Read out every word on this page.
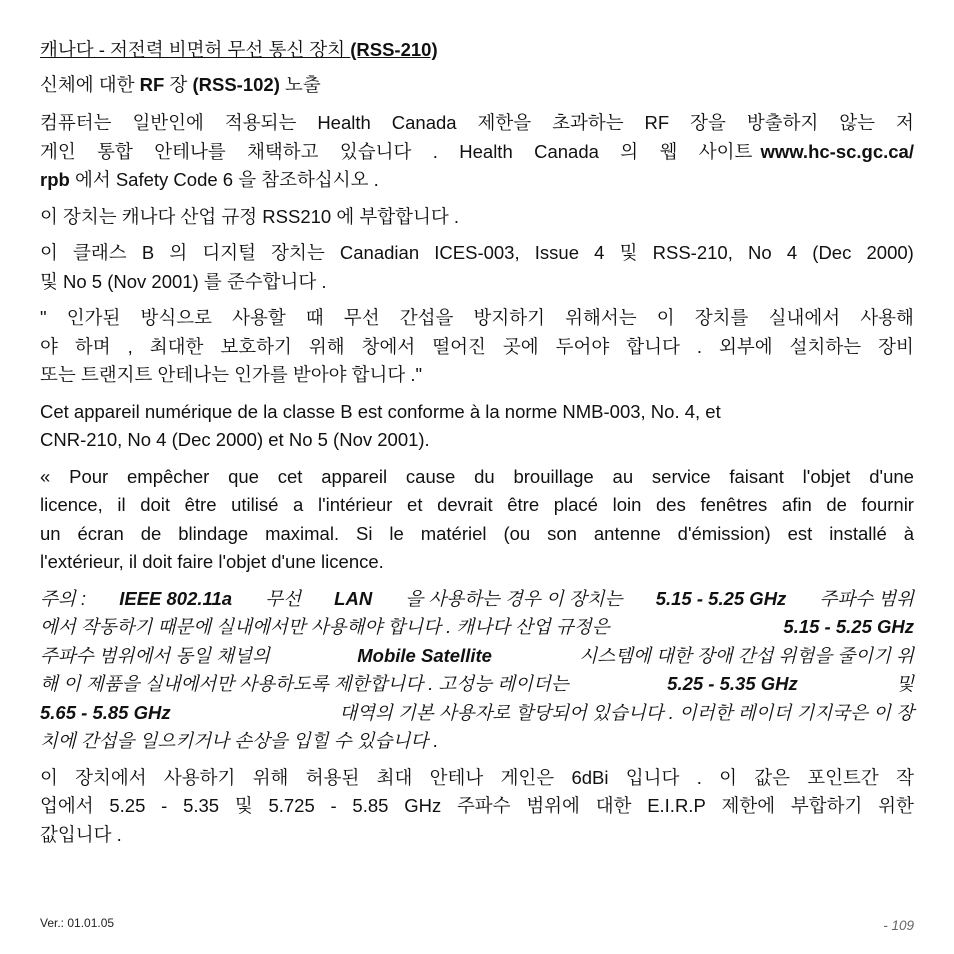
캐나다 - 저전력 비면허 무선 통신 장치 (RSS-210)
신체에 대한 RF 장 (RSS-102) 노출
컴퓨터는 일반인에 적용되는 Health Canada 제한을 초과하는 RF 장을 방출하지 않는 저
게인 통합 안테나를 채택하고 있습니다 . Health Canada 의 웹 사이트 www.hc-sc.gc.ca/
rpb 에서 Safety Code 6 을 참조하십시오 .
이 장치는 캐나다 산업 규정 RSS210 에 부합합니다 .
이 클래스 B 의 디지털 장치는 Canadian ICES-003, Issue 4 및 RSS-210, No 4 (Dec 2000)
및 No 5 (Nov 2001) 를 준수합니다 .
" 인가된 방식으로 사용할 때 무선 간섭을 방지하기 위해서는 이 장치를 실내에서 사용해
야 하며 , 최대한 보호하기 위해 창에서 떨어진 곳에 두어야 합니다 . 외부에 설치하는 장비
또는 트랜지트 안테나는 인가를 받아야 합니다 ."
Cet appareil numérique de la classe B est conforme à la norme NMB-003, No. 4, et
CNR-210, No 4 (Dec 2000) et No 5 (Nov 2001).
« Pour empêcher que cet appareil cause du brouillage au service faisant l'objet d'une
licence, il doit être utilisé a l'intérieur et devrait être placé loin des fenêtres afin de fournir
un écran de blindage maximal. Si le matériel (ou son antenne d'émission) est installé à
l'extérieur, il doit faire l'objet d'une licence.
주의 : IEEE 802.11a 무선 LAN 을 사용하는 경우 이 장치는 5.15 - 5.25 GHz 주파수 범위
에서 작동하기 때문에 실내에서만 사용해야 합니다 . 캐나다 산업 규정은	5.15 - 5.25 GHz
주파수 범위에서 동일 채널의	Mobile Satellite	시스템에 대한 장애 간섭 위험을 줄이기 위
해 이 제품을 실내에서만 사용하도록 제한합니다 . 고성능 레이더는	5.25 - 5.35 GHz	및
5.65 - 5.85 GHz	대역의 기본 사용자로 할당되어 있습니다 . 이러한 레이더 기지국은 이 장
치에 간섭을 일으키거나 손상을 입힐 수 있습니다 .
이 장치에서 사용하기 위해 허용된 최대 안테나 게인은 6dBi 입니다 . 이 값은 포인트간 작
업에서 5.25 - 5.35 및 5.725 - 5.85 GHz 주파수 범위에 대한 E.I.R.P 제한에 부합하기 위한
값입니다 .
Ver.: 01.01.05	- 109
